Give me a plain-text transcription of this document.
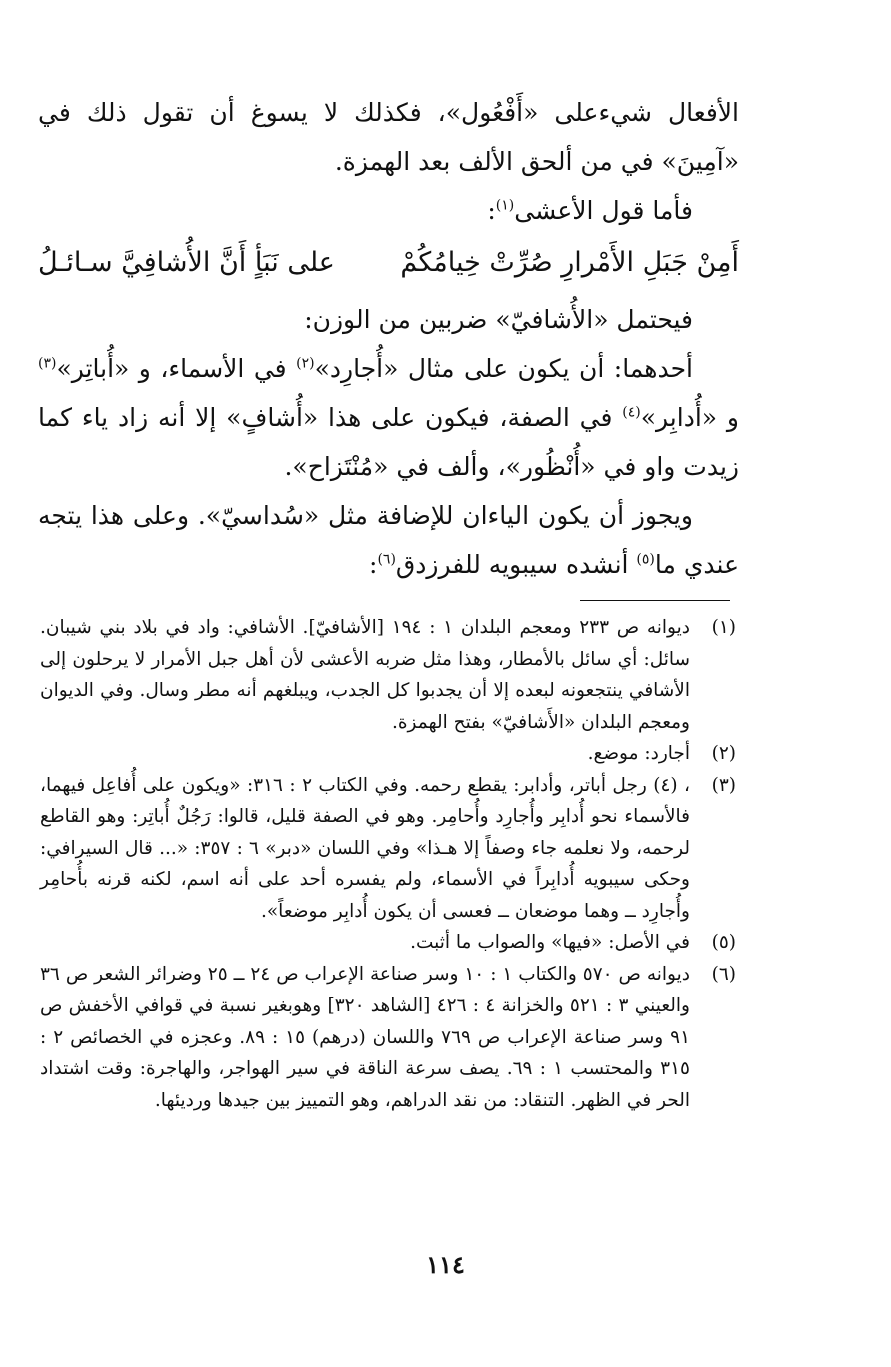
الأفعال شيءعلى «أَفْعُول»، فكذلك لا يسوغ أن تقول ذلك في «آمِينَ» في من ألحق الألف بعد الهمزة.

فأما قول الأعشى$^{(١)}$:

أَمِنْ جَبَلِ الأَمْرارِ صُرِّتْ خِيامُكُمْ
على نَبَأٍ أَنَّ الأُشافِيَّ سـائـلُ

فيحتمل «الأُشافيّ» ضربين من الوزن:

أحدهما: أن يكون على مثال «أُجارِد»$^{(٢)}$ في الأسماء، و «أُباتِر»$^{(٣)}$ و «أُدابِر»$^{(٤)}$ في الصفة، فيكون على هذا «أُشافٍ» إلا أنه زاد ياء كما زيدت واو في «أُنْظُور»، وألف في «مُنْتَزاح».

ويجوز أن يكون الياءان للإضافة مثل «سُداسيّ». وعلى هذا يتجه عندي ما$^{(٥)}$ أنشده سيبويه للفرزدق$^{(٦)}$:

(١)
ديوانه ص ٢٣٣ ومعجم البلدان ١ : ١٩٤ [الأشافيّ]. الأشافي: واد في بلاد بني شيبان. سائل: أي سائل بالأمطار، وهذا مثل ضربه الأعشى لأن أهل جبل الأمرار لا يرحلون إلى الأشافي ينتجعونه لبعده إلا أن يجدبوا كل الجدب، ويبلغهم أنه مطر وسال. وفي الديوان ومعجم البلدان «الأَشافيّ» بفتح الهمزة.
(٢)
أجارد: موضع.
(٣)
، (٤) رجل أباتر، وأدابر: يقطع رحمه. وفي الكتاب ٢ : ٣١٦: «ويكون على أُفاعِل فيهما، فالأسماء نحو أُدابِر وأُجارِد وأُحامِر. وهو في الصفة قليل، قالوا: رَجُلٌ أُباتِر: وهو القاطع لرحمه، ولا نعلمه جاء وصفاً إلا هـذا» وفي اللسان «دبر» ٦ : ٣٥٧: «... قال السيرافي: وحكى سيبويه أُدابِراً في الأسماء، ولم يفسره أحد على أنه اسم، لكنه قرنه بأُحامِر وأُجارِد ــ وهما موضعان ــ فعسى أن يكون أُدابِر موضعاً».
(٥)
في الأصل: «فيها» والصواب ما أثبت.
(٦)
ديوانه ص ٥٧٠ والكتاب ١ : ١٠ وسر صناعة الإعراب ص ٢٤ ــ ٢٥ وضرائر الشعر ص ٣٦ والعيني ٣ : ٥٢١ والخزانة ٤ : ٤٢٦ [الشاهد ٣٢٠] وهوبغير نسبة في قوافي الأخفش ص ٩١ وسر صناعة الإعراب ص ٧٦٩ واللسان (درهم) ١٥ : ٨٩. وعجزه في الخصائص ٢ : ٣١٥ والمحتسب ١ : ٦٩. يصف سرعة الناقة في سير الهواجر، والهاجرة: وقت اشتداد الحر في الظهر. التنقاد: من نقد الدراهم، وهو التمييز بين جيدها ورديئها.
١١٤
